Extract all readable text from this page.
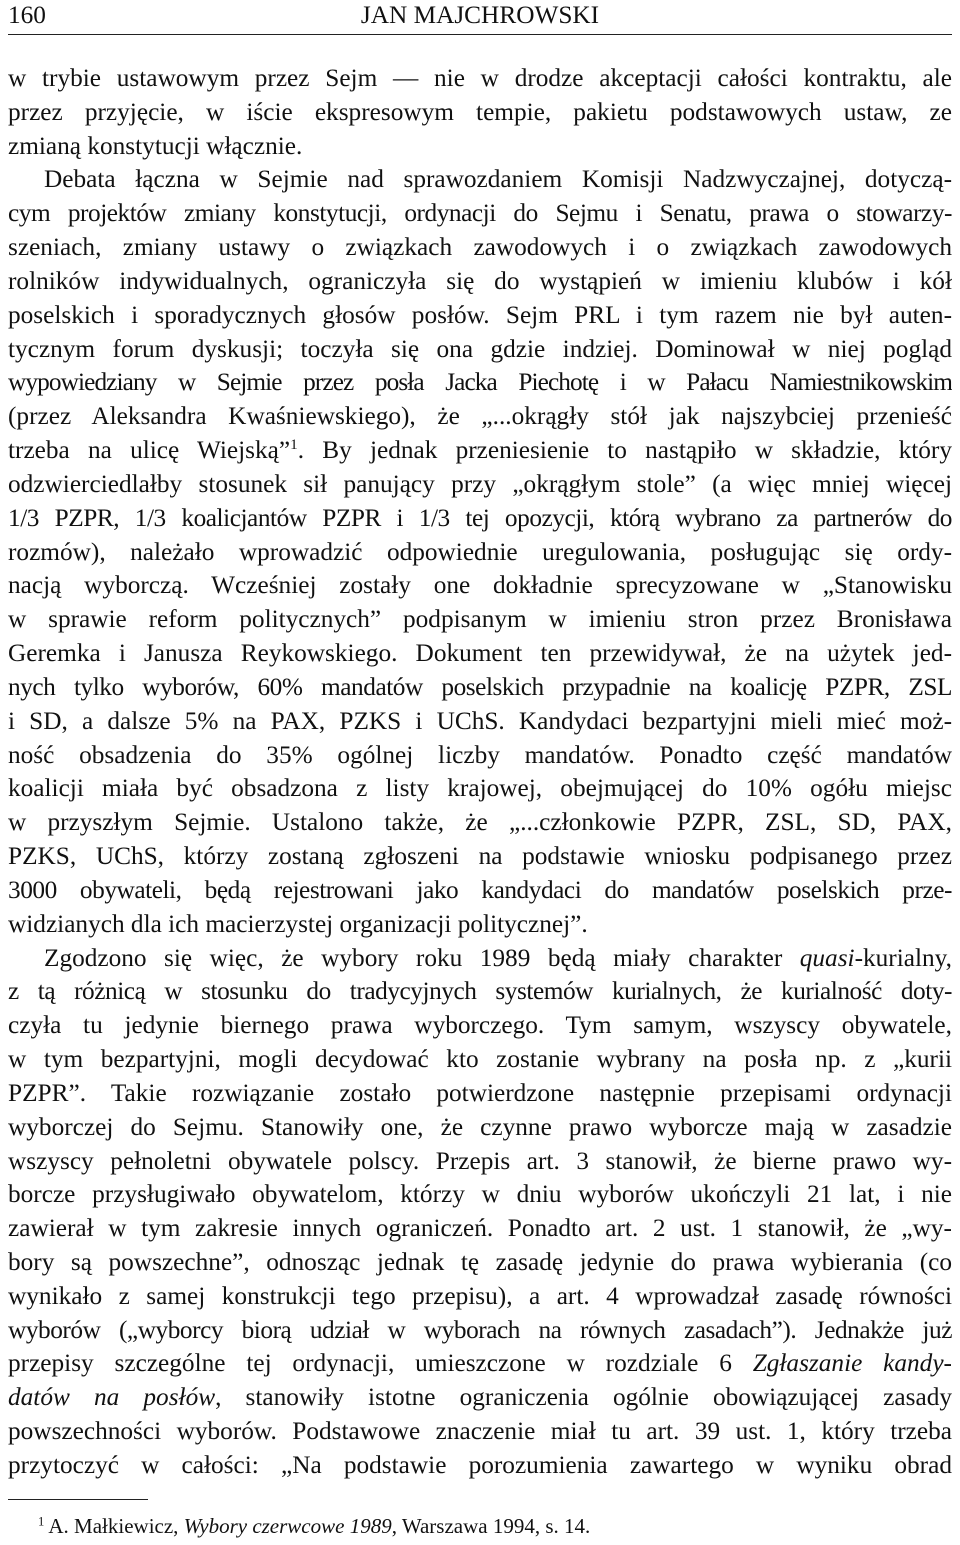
160	JAN MAJCHROWSKI
w trybie ustawowym przez Sejm — nie w drodze akceptacji całości kontraktu, ale
przez przyjęcie, w iście ekspresowym tempie, pakietu podstawowych ustaw, ze
zmianą konstytucji włącznie.
Debata łączna w Sejmie nad sprawozdaniem Komisji Nadzwyczajnej, dotyczą-
cym projektów zmiany konstytucji, ordynacji do Sejmu i Senatu, prawa o stowarzy-
szeniach, zmiany ustawy o związkach zawodowych i o związkach zawodowych
rolników indywidualnych, ograniczyła się do wystąpień w imieniu klubów i kół
poselskich i sporadycznych głosów posłów. Sejm PRL i tym razem nie był auten-
tycznym forum dyskusji; toczyła się ona gdzie indziej. Dominował w niej pogląd
wypowiedziany w Sejmie przez posła Jacka Piechotę i w Pałacu Namiestnikowskim
(przez Aleksandra Kwaśniewskiego), że „...okrągły stół jak najszybciej przenieść
trzeba na ulicę Wiejską”$^1$. By jednak przeniesienie to nastąpiło w składzie, który
odzwierciedlałby stosunek sił panujący przy „okrągłym stole” (a więc mniej więcej
1/3 PZPR, 1/3 koalicjantów PZPR i 1/3 tej opozycji, którą wybrano za partnerów do
rozmów), należało wprowadzić odpowiednie uregulowania, posługując się ordy-
nacją wyborczą. Wcześniej zostały one dokładnie sprecyzowane w „Stanowisku
w sprawie reform politycznych” podpisanym w imieniu stron przez Bronisława
Geremka i Janusza Reykowskiego. Dokument ten przewidywał, że na użytek jed-
nych tylko wyborów, 60% mandatów poselskich przypadnie na koalicję PZPR, ZSL
i SD, a dalsze 5% na PAX, PZKS i UChS. Kandydaci bezpartyjni mieli mieć moż-
ność obsadzenia do 35% ogólnej liczby mandatów. Ponadto część mandatów
koalicji miała być obsadzona z listy krajowej, obejmującej do 10% ogółu miejsc
w przyszłym Sejmie. Ustalono także, że „...członkowie PZPR, ZSL, SD, PAX,
PZKS, UChS, którzy zostaną zgłoszeni na podstawie wniosku podpisanego przez
3000 obywateli, będą rejestrowani jako kandydaci do mandatów poselskich prze-
widzianych dla ich macierzystej organizacji politycznej”.
Zgodzono się więc, że wybory roku 1989 będą miały charakter quasi-kurialny,
z tą różnicą w stosunku do tradycyjnych systemów kurialnych, że kurialność doty-
czyła tu jedynie biernego prawa wyborczego. Tym samym, wszyscy obywatele,
w tym bezpartyjni, mogli decydować kto zostanie wybrany na posła np. z „kurii
PZPR”. Takie rozwiązanie zostało potwierdzone następnie przepisami ordynacji
wyborczej do Sejmu. Stanowiły one, że czynne prawo wyborcze mają w zasadzie
wszyscy pełnoletni obywatele polscy. Przepis art. 3 stanowił, że bierne prawo wy-
borcze przysługiwało obywatelom, którzy w dniu wyborów ukończyli 21 lat, i nie
zawierał w tym zakresie innych ograniczeń. Ponadto art. 2 ust. 1 stanowił, że „wy-
bory są powszechne”, odnosząc jednak tę zasadę jedynie do prawa wybierania (co
wynikało z samej konstrukcji tego przepisu), a art. 4 wprowadzał zasadę równości
wyborów („wyborcy biorą udział w wyborach na równych zasadach”). Jednakże już
przepisy szczególne tej ordynacji, umieszczone w rozdziale 6 Zgłaszanie kandy-
datów na posłów, stanowiły istotne ograniczenia ogólnie obowiązującej zasady
powszechności wyborów. Podstawowe znaczenie miał tu art. 39 ust. 1, który trzeba
przytoczyć w całości: „Na podstawie porozumienia zawartego w wyniku obrad
$^1$ A. Małkiewicz, Wybory czerwcowe 1989, Warszawa 1994, s. 14.
